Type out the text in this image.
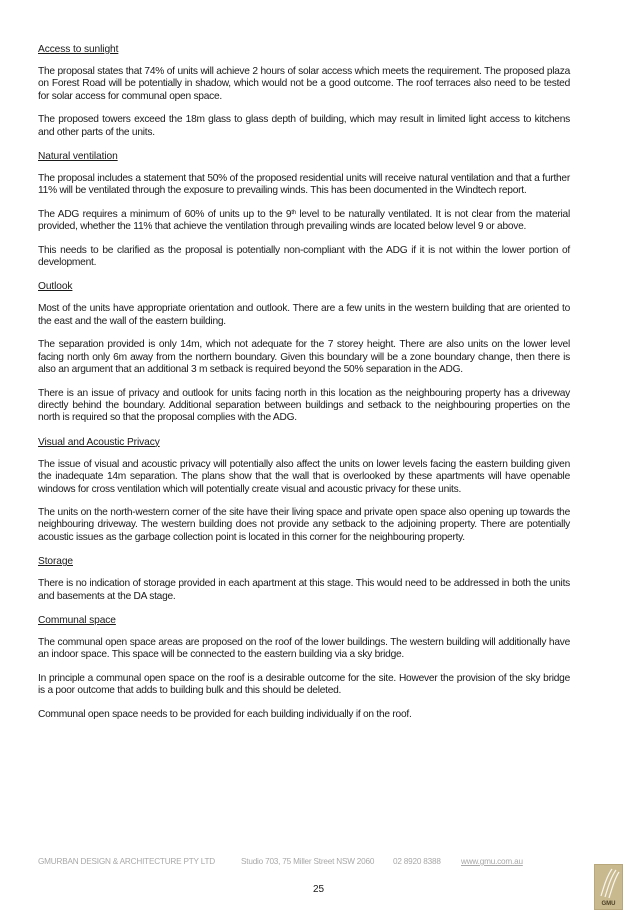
Access to sunlight

The proposal states that 74% of units will achieve 2 hours of solar access which meets the requirement. The proposed plaza on Forest Road will be potentially in shadow, which would not be a good outcome. The roof terraces also need to be tested for solar access for communal open space.

The proposed towers exceed the 18m glass to glass depth of building, which may result in limited light access to kitchens and other parts of the units.

Natural ventilation

The proposal includes a statement that 50% of the proposed residential units will receive natural ventilation and that a further 11% will be ventilated through the exposure to prevailing winds. This has been documented in the Windtech report.

The ADG requires a minimum of 60% of units up to the 9th level to be naturally ventilated. It is not clear from the material provided, whether the 11% that achieve the ventilation through prevailing winds are located below level 9 or above.

This needs to be clarified as the proposal is potentially non-compliant with the ADG if it is not within the lower portion of development.

Outlook

Most of the units have appropriate orientation and outlook. There are a few units in the western building that are oriented to the east and the wall of the eastern building.

The separation provided is only 14m, which not adequate for the 7 storey height. There are also units on the lower level facing north only 6m away from the northern boundary. Given this boundary will be a zone boundary change, then there is also an argument that an additional 3 m setback is required beyond the 50% separation in the ADG.

There is an issue of privacy and outlook for units facing north in this location as the neighbouring property has a driveway directly behind the boundary. Additional separation between buildings and setback to the neighbouring properties on the north is required so that the proposal complies with the ADG.

Visual and Acoustic Privacy

The issue of visual and acoustic privacy will potentially also affect the units on lower levels facing the eastern building given the inadequate 14m separation. The plans show that the wall that is overlooked by these apartments will have openable windows for cross ventilation which will potentially create visual and acoustic privacy for these units.

The units on the north-western corner of the site have their living space and private open space also opening up towards the neighbouring driveway. The western building does not provide any setback to the adjoining property. There are potentially acoustic issues as the garbage collection point is located in this corner for the neighbouring property.

Storage

There is no indication of storage provided in each apartment at this stage. This would need to be addressed in both the units and basements at the DA stage.

Communal space

The communal open space areas are proposed on the roof of the lower buildings. The western building will additionally have an indoor space. This space will be connected to the eastern building via a sky bridge.

In principle a communal open space on the roof is a desirable outcome for the site. However the provision of the sky bridge is a poor outcome that adds to building bulk and this should be deleted.

Communal open space needs to be provided for each building individually if on the roof.

GMURBAN DESIGN & ARCHITECTURE PTY LTD	Studio 703, 75 Miller Street NSW 2060 02 8920 8388 www.gmu.com.au
25
GMU
